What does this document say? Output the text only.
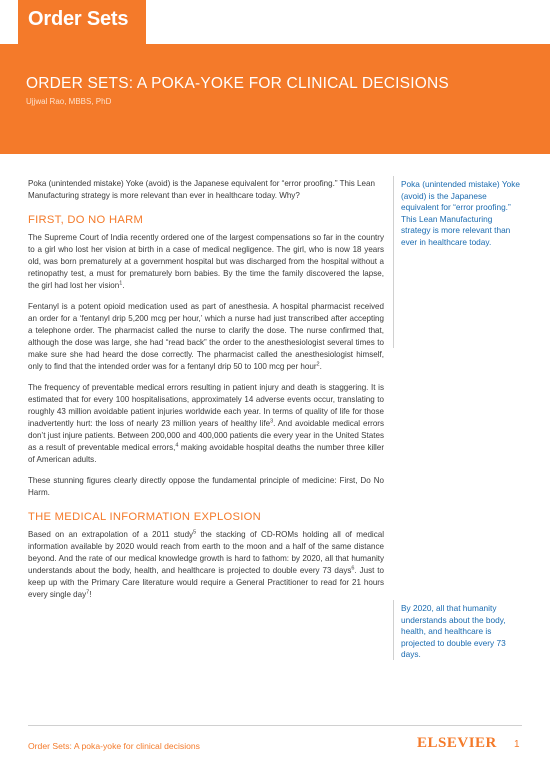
Order Sets
ORDER SETS: A POKA-YOKE FOR CLINICAL DECISIONS
Ujjwal Rao, MBBS, PhD

Poka (unintended mistake) Yoke (avoid) is the Japanese equivalent for “error proofing.” This Lean Manufacturing strategy is more relevant than ever in healthcare today. Why?

FIRST, DO NO HARM

The Supreme Court of India recently ordered one of the largest compensations so far in the country to a girl who lost her vision at birth in a case of medical negligence. The girl, who is now 18 years old, was born prematurely at a government hospital but was discharged from the hospital without a retinopathy test, a must for prematurely born babies. By the time the family discovered the lapse, the girl had lost her vision$^1$.

Fentanyl is a potent opioid medication used as part of anesthesia. A hospital pharmacist received an order for a ‘fentanyl drip 5,200 mcg per hour,’ which a nurse had just transcribed after accepting a telephone order. The pharmacist called the nurse to clarify the dose. The nurse confirmed that, although the dose was large, she had “read back” the order to the anesthesiologist several times to make sure she had heard the dose correctly. The pharmacist called the anesthesiologist himself, only to find that the intended order was for a fentanyl drip 50 to 100 mcg per hour$^2$.

The frequency of preventable medical errors resulting in patient injury and death is staggering. It is estimated that for every 100 hospitalisations, approximately 14 adverse events occur, translating to roughly 43 million avoidable patient injuries worldwide each year. In terms of quality of life for those inadvertently hurt: the loss of nearly 23 million years of healthy life$^3$. And avoidable medical errors don’t just injure patients. Between 200,000 and 400,000 patients die every year in the United States as a result of preventable medical errors,$^4$ making avoidable hospital deaths the number three killer of American adults.

These stunning figures clearly directly oppose the fundamental principle of medicine: First, Do No Harm.

THE MEDICAL INFORMATION EXPLOSION

Based on an extrapolation of a 2011 study$^5$ the stacking of CD-ROMs holding all of medical information available by 2020 would reach from earth to the moon and a half of the same distance beyond. And the rate of our medical knowledge growth is hard to fathom: by 2020, all that humanity understands about the body, health, and healthcare is projected to double every 73 days$^6$. Just to keep up with the Primary Care literature would require a General Practitioner to read for 21 hours every single day$^7$!

Poka (unintended mistake) Yoke (avoid) is the Japanese equivalent for “error proofing.” This Lean Manufacturing strategy is more relevant than ever in healthcare today.
By 2020, all that humanity understands about the body, health, and healthcare is projected to double every 73 days.
Order Sets: A poka-yoke for clinical decisions	ELSEVIER 1
